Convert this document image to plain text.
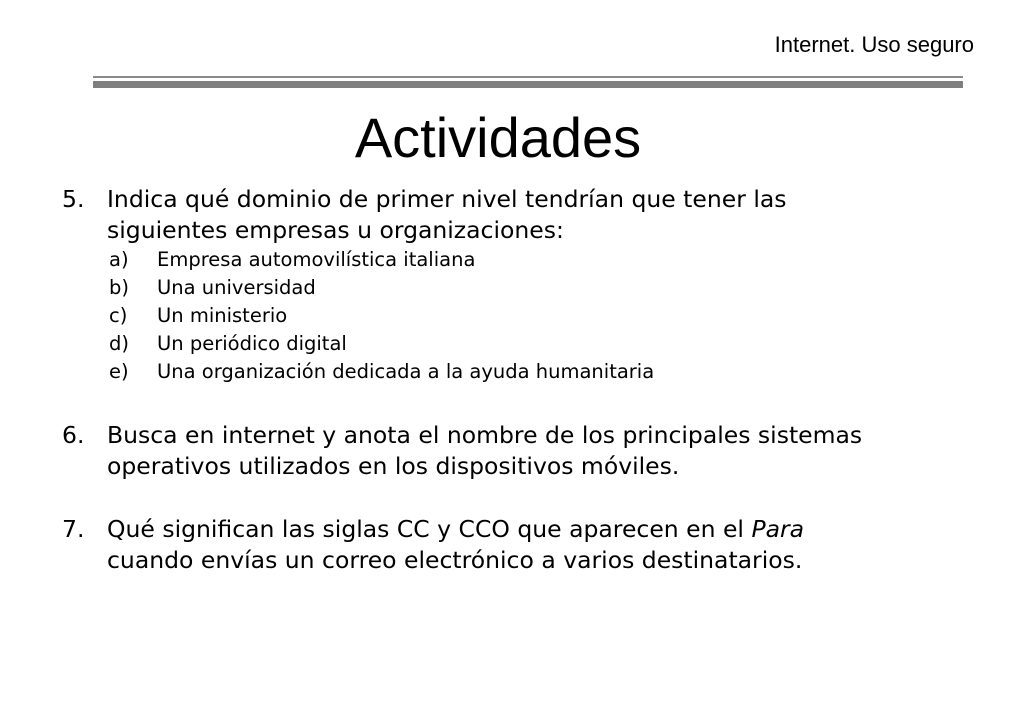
Internet. Uso seguro
Actividades
5. Indica qué dominio de primer nivel tendrían que tener las
siguientes empresas u organizaciones:
a) Empresa automovilística italiana
b) Una universidad
c) Un ministerio
d) Un periódico digital
e) Una organización dedicada a la ayuda humanitaria
6. Busca en internet y anota el nombre de los principales sistemas
operativos utilizados en los dispositivos móviles.
7. Qué significan las siglas CC y CCO que aparecen en el Para
cuando envías un correo electrónico a varios destinatarios.
